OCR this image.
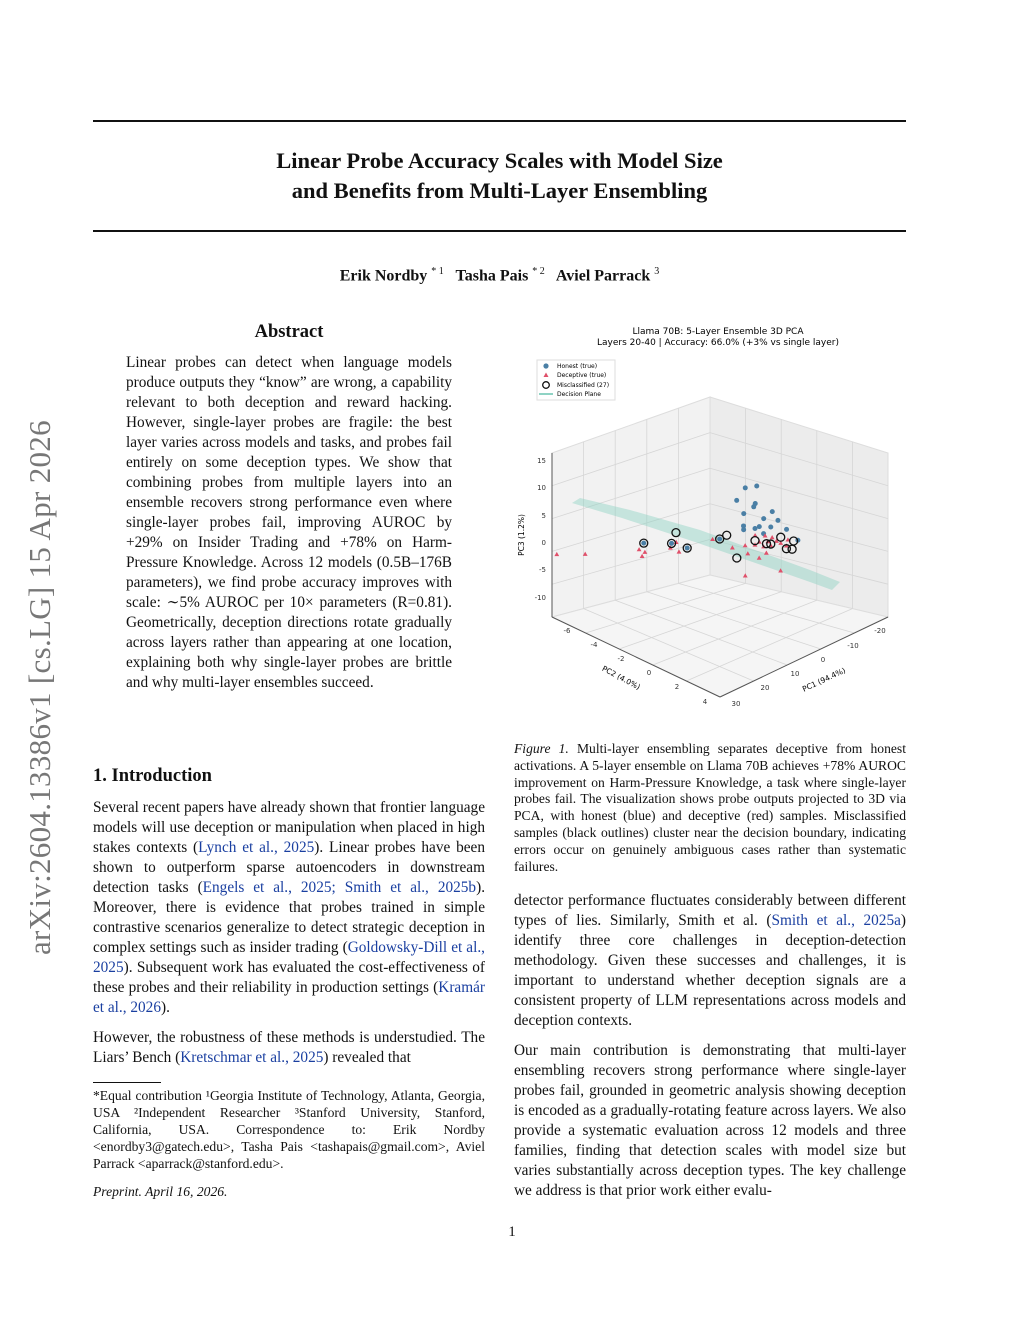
arXiv:2604.13386v1 [cs.LG] 15 Apr 2026
Linear Probe Accuracy Scales with Model Size
and Benefits from Multi-Layer Ensembling
Erik Nordby $^{* 1}$ Tasha Pais $^{* 2}$ Aviel Parrack $^3$
Abstract

Linear probes can detect when language models produce outputs they “know” are wrong, a capability relevant to both deception and reward hacking. However, single-layer probes are fragile: the best layer varies across models and tasks, and probes fail entirely on some deception types. We show that combining probes from multiple layers into an ensemble recovers strong performance even where single-layer probes fail, improving AUROC by +29% on Insider Trading and +78% on Harm-Pressure Knowledge. Across 12 models (0.5B–176B parameters), we find probe accuracy improves with scale: ∼5% AUROC per 10× parameters (R=0.81). Geometrically, deception directions rotate gradually across layers rather than appearing at one location, explaining both why single-layer probes are brittle and why multi-layer ensembles succeed.

1. Introduction

Several recent papers have already shown that frontier language models will use deception or manipulation when placed in high stakes contexts (Lynch et al., 2025). Linear probes have been shown to outperform sparse autoencoders in downstream detection tasks (Engels et al., 2025; Smith et al., 2025b). Moreover, there is evidence that probes trained in simple contrastive scenarios generalize to detect strategic deception in complex settings such as insider trading (Goldowsky-Dill et al., 2025). Subsequent work has evaluated the cost-effectiveness of these probes and their reliability in production settings (Kramár et al., 2026).

However, the robustness of these methods is understudied. The Liars’ Bench (Kretschmar et al., 2025) revealed that

*Equal contribution ¹Georgia Institute of Technology, Atlanta, Georgia, USA ²Independent Researcher ³Stanford University, Stanford, California, USA. Correspondence to: Erik Nordby <enordby3@gatech.edu>, Tasha Pais <tashapais@gmail.com>, Aviel Parrack <aparrack@stanford.edu>.
Preprint. April 16, 2026.
Llama 70B: 5-Layer Ensemble 3D PCA
Layers 20-40 | Accuracy: 66.0% (+3% vs single layer)
15
10
5
0
-5
-10
-6
-4
-2
0
2
4
-20
-10
0
10
20
30
PC3 (1.2%)
PC2 (4.0%)	PC1 (94.4%)
Honest (true)
Deceptive (true)
Misclassified (27)
Decision Plane
Figure 1. Multi-layer ensembling separates deceptive from honest activations. A 5-layer ensemble on Llama 70B achieves +78% AUROC improvement on Harm-Pressure Knowledge, a task where single-layer probes fail. The visualization shows probe outputs projected to 3D via PCA, with honest (blue) and deceptive (red) samples. Misclassified samples (black outlines) cluster near the decision boundary, indicating errors occur on genuinely ambiguous cases rather than systematic failures.

detector performance fluctuates considerably between different types of lies. Similarly, Smith et al. (Smith et al., 2025a) identify three core challenges in deception-detection methodology. Given these successes and challenges, it is important to understand whether deception signals are a consistent property of LLM representations across models and deception contexts.

Our main contribution is demonstrating that multi-layer ensembling recovers strong performance where single-layer probes fail, grounded in geometric analysis showing deception is encoded as a gradually-rotating feature across layers. We also provide a systematic evaluation across 12 models and three families, finding that detection scales with model size but varies substantially across deception types. The key challenge we address is that prior work either evalu-

1
